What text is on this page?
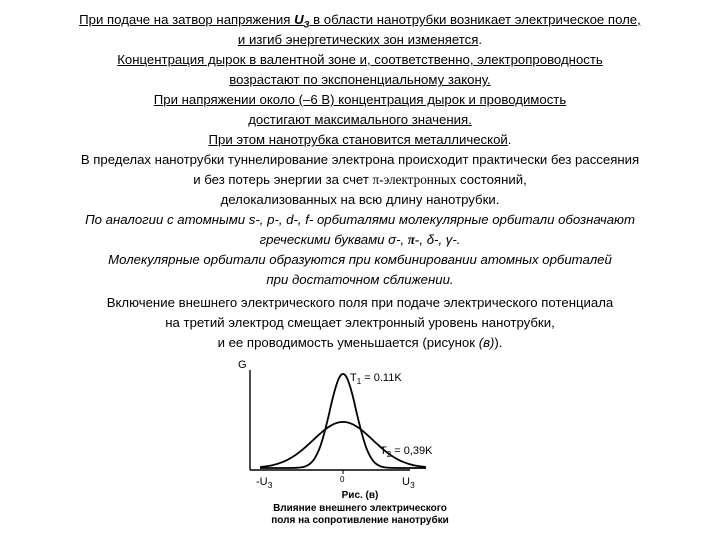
При подаче на затвор напряжения $U_З$ в области нанотрубки возникает электрическое поле,
и изгиб энергетических зон изменяется.
Концентрация дырок в валентной зоне и, соответственно, электропроводность
возрастают по экспоненциальному закону.
При напряжении около (–6 В) концентрация дырок и проводимость
достигают максимального значения.
При этом нанотрубка становится металлической.
В пределах нанотрубки туннелирование электрона происходит практически без рассеяния
и без потерь энергии за счет π-электронных состояний,
делокализованных на всю длину нанотрубки.
По аналогии с атомными s-, p-, d-, f- орбиталями молекулярные орбитали обозначают
греческими буквами σ-, π-, δ-, γ-.
Молекулярные орбитали образуются при комбинировании атомных орбиталей
при достаточном сближении.
Включение внешнего электрического поля при подаче электрического потенциала
на третий электрод смещает электронный уровень нанотрубки,
и ее проводимость уменьшается (рисунок (в)).
G
$T_1 = 0.11K$
$T_2 = 0,39K$
$-U_З$
0	$U_З$
Рис. (в)
Влияние внешнего электрического
поля на сопротивление нанотрубки
